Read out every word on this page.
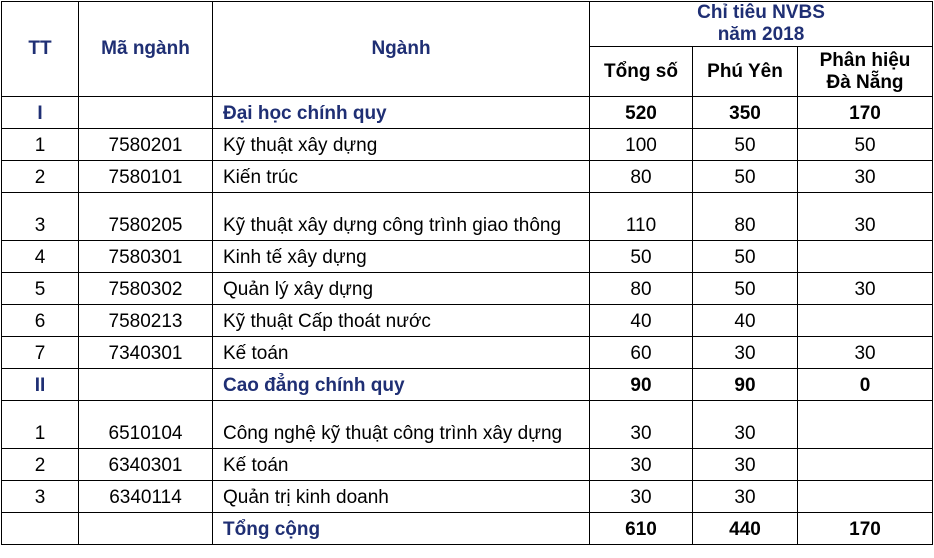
TT	Mã ngành	Ngành	Chỉ tiêu NVBS
năm 2018		

			Tổng số	Phú Yên	Phân hiệu
Đà Nẵng

I		Đại học chính quy	520	350	170
1	7580201	Kỹ thuật xây dựng	100	50	50
2	7580101	Kiến trúc	80	50	30
3	7580205	Kỹ thuật xây dựng công trình giao thông	110	80	30
4	7580301	Kinh tế xây dựng	50	50	
5	7580302	Quản lý xây dựng	80	50	30
6	7580213	Kỹ thuật Cấp thoát nước	40	40	
7	7340301	Kế toán	60	30	30
II		Cao đẳng chính quy	90	90	0
1	6510104	Công nghệ kỹ thuật công trình xây dựng	30	30	
2	6340301	Kế toán	30	30	
3	6340114	Quản trị kinh doanh	30	30	
		Tổng cộng	610	440	170
